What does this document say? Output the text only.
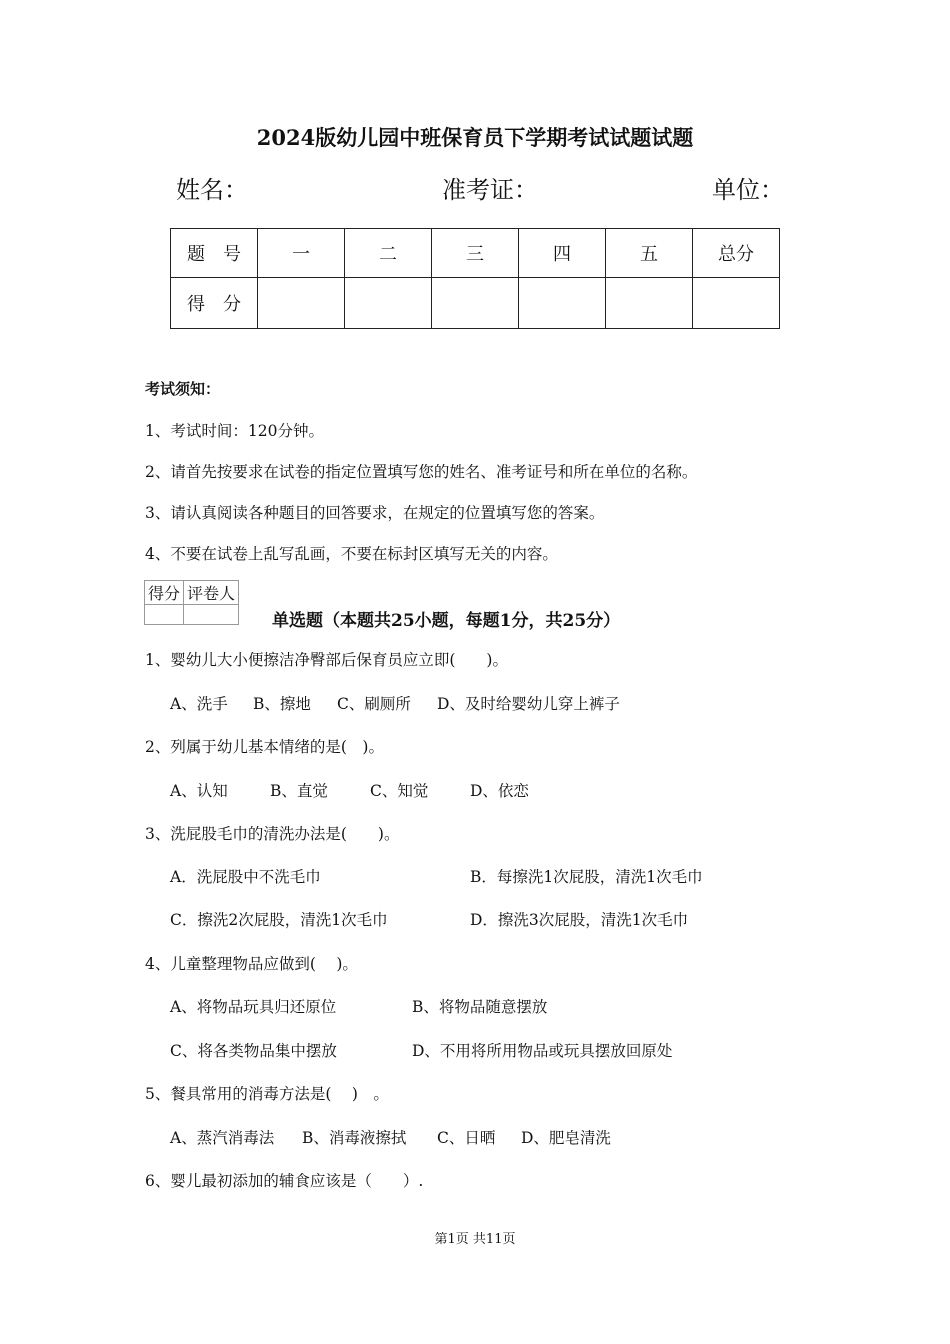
2024版幼儿园中班保育员下学期考试试题试题
姓名：	准考证：	单位：
题　号	一	二	三	四	五	总分
得　分						
考试须知：
1、考试时间：120分钟。
2、请首先按要求在试卷的指定位置填写您的姓名、准考证号和所在单位的名称。
3、请认真阅读各种题目的回答要求，在规定的位置填写您的答案。
4、不要在试卷上乱写乱画，不要在标封区填写无关的内容。
得分	评卷人

单选题（本题共25小题，每题1分，共25分）
1、婴幼儿大小便擦洁净臀部后保育员应立即(　　)。
A、洗手 B、擦地 C、刷厕所 D、及时给婴幼儿穿上裤子
2、列属于幼儿基本情绪的是(　)。
A、认知	B、直觉	C、知觉	D、依恋
3、洗屁股毛巾的清洗办法是(　　)。
A．洗屁股中不洗毛巾	B．每擦洗1次屁股，清洗1次毛巾
C．擦洗2次屁股，清洗1次毛巾	D．擦洗3次屁股，清洗1次毛巾
4、儿童整理物品应做到(　 )。
A、将物品玩具归还原位	B、将物品随意摆放
C、将各类物品集中摆放	D、不用将所用物品或玩具摆放回原处
5、餐具常用的消毒方法是(　 )　。
A、蒸汽消毒法 B、消毒液擦拭 C、日晒 D、肥皂清洗
6、婴儿最初添加的辅食应该是（　　）.
第1页 共11页
